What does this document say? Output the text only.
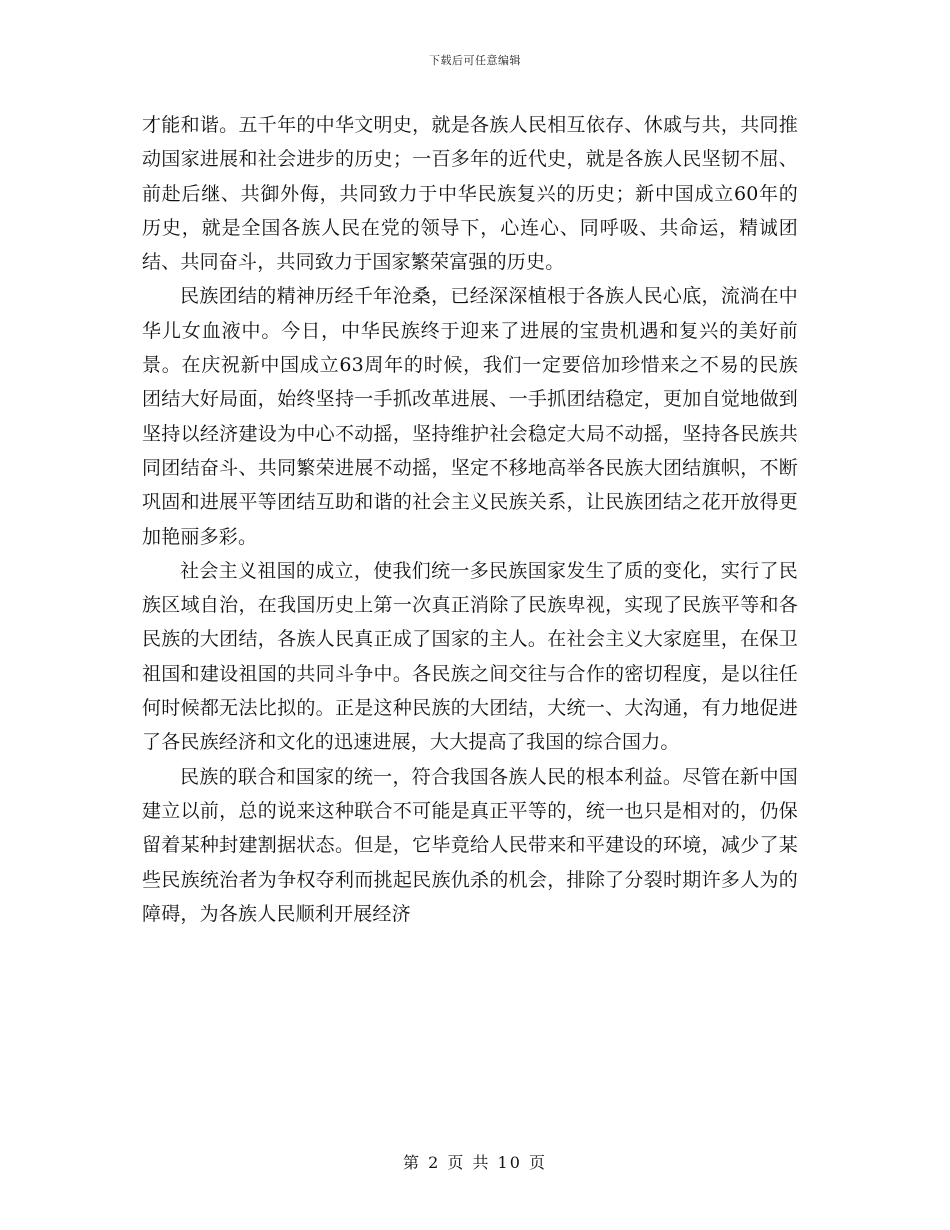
下载后可任意编辑

才能和谐。五千年的中华文明史，就是各族人民相互依存、休戚与共，共同推动国家进展和社会进步的历史；一百多年的近代史，就是各族人民坚韧不屈、前赴后继、共御外侮，共同致力于中华民族复兴的历史；新中国成立60年的历史，就是全国各族人民在党的领导下，心连心、同呼吸、共命运，精诚团结、共同奋斗，共同致力于国家繁荣富强的历史。

民族团结的精神历经千年沧桑，已经深深植根于各族人民心底，流淌在中华儿女血液中。今日，中华民族终于迎来了进展的宝贵机遇和复兴的美好前景。在庆祝新中国成立63周年的时候，我们一定要倍加珍惜来之不易的民族团结大好局面，始终坚持一手抓改革进展、一手抓团结稳定，更加自觉地做到坚持以经济建设为中心不动摇，坚持维护社会稳定大局不动摇，坚持各民族共同团结奋斗、共同繁荣进展不动摇，坚定不移地高举各民族大团结旗帜，不断巩固和进展平等团结互助和谐的社会主义民族关系，让民族团结之花开放得更加艳丽多彩。

社会主义祖国的成立，使我们统一多民族国家发生了质的变化，实行了民族区域自治，在我国历史上第一次真正消除了民族卑视，实现了民族平等和各民族的大团结，各族人民真正成了国家的主人。在社会主义大家庭里，在保卫祖国和建设祖国的共同斗争中。各民族之间交往与合作的密切程度，是以往任何时候都无法比拟的。正是这种民族的大团结，大统一、大沟通，有力地促进了各民族经济和文化的迅速进展，大大提高了我国的综合国力。

民族的联合和国家的统一，符合我国各族人民的根本利益。尽管在新中国建立以前，总的说来这种联合不可能是真正平等的，统一也只是相对的，仍保留着某种封建割据状态。但是，它毕竟给人民带来和平建设的环境，减少了某些民族统治者为争权夺利而挑起民族仇杀的机会，排除了分裂时期许多人为的障碍，为各族人民顺利开展经济

第 2 页 共 10 页
